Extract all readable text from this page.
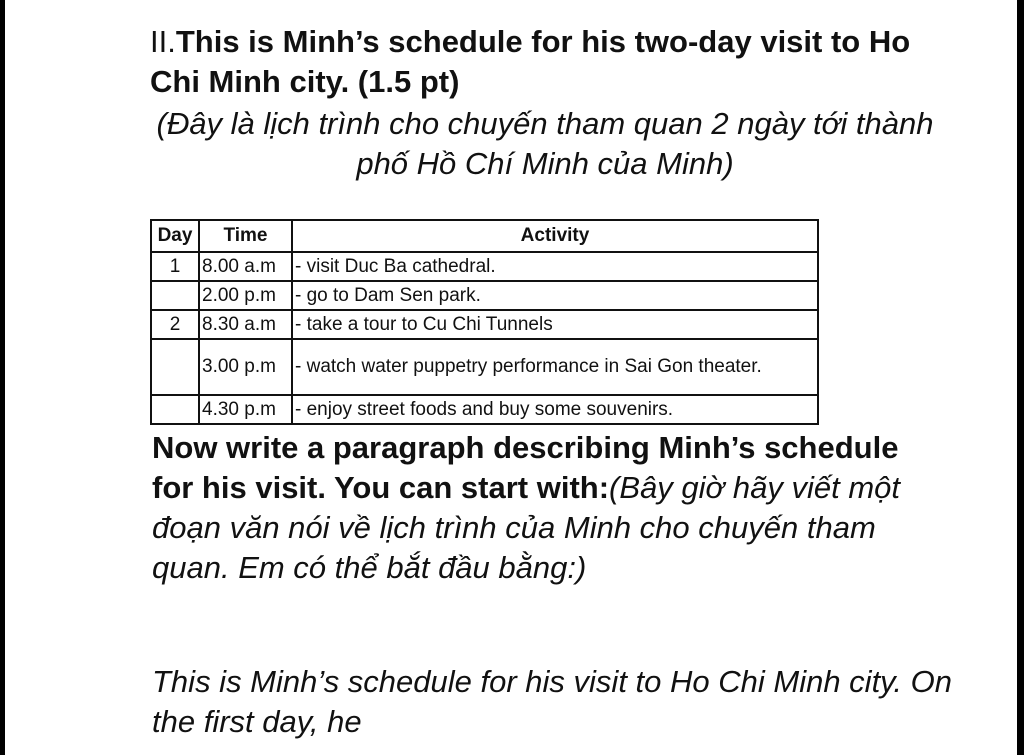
II.This is Minh’s schedule for his two-day visit to Ho Chi Minh city. (1.5 pt)
(Đây là lịch trình cho chuyến tham quan 2 ngày tới thành phố Hồ Chí Minh của Minh)
Day	Time	Activity
1	8.00 a.m	- visit Duc Ba cathedral.
	2.00 p.m	- go to Dam Sen park.
2	8.30 a.m	- take a tour to Cu Chi Tunnels
	3.00 p.m	- watch water puppetry performance in Sai Gon theater.
	4.30 p.m	- enjoy street foods and buy some souvenirs.
Now write a paragraph describing Minh’s schedule for his visit. You can start with:(Bây giờ hãy viết một đoạn văn nói về lịch trình của Minh cho chuyến tham quan. Em có thể bắt đầu bằng:)
This is Minh’s schedule for his visit to Ho Chi Minh city. On the first day, he
